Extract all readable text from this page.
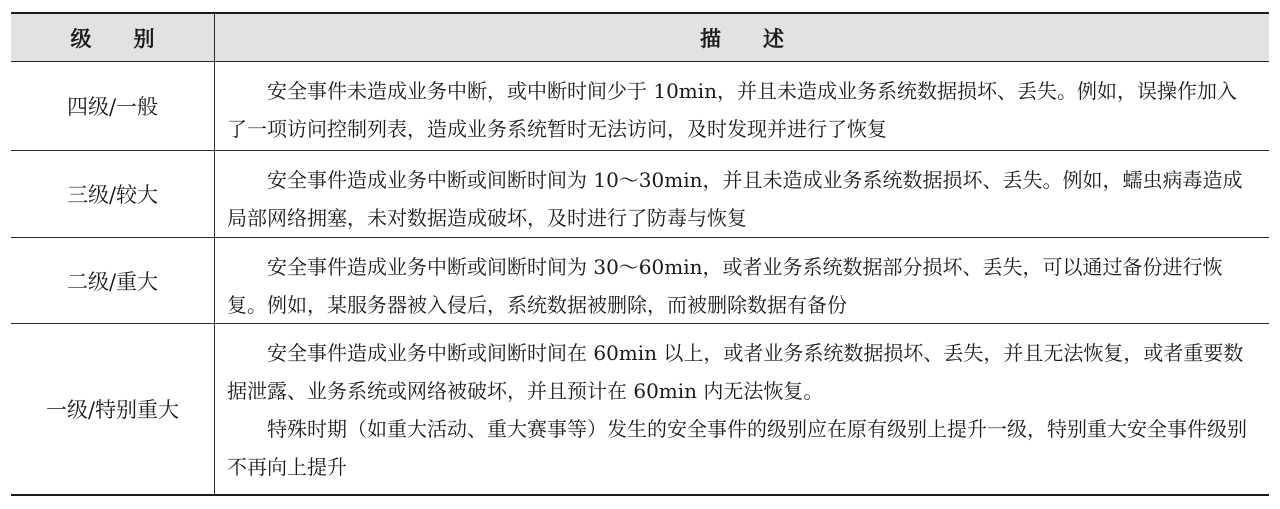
级　　别	描　　述
四级/一般

安全事件未造成业务中断，或中断时间少于 10min，并且未造成业务系统数据损坏、丢失。例如，误操作加入了一项访问控制列表，造成业务系统暂时无法访问，及时发现并进行了恢复

三级/较大

安全事件造成业务中断或间断时间为 10～30min，并且未造成业务系统数据损坏、丢失。例如，蠕虫病毒造成局部网络拥塞，未对数据造成破坏，及时进行了防毒与恢复

二级/重大

安全事件造成业务中断或间断时间为 30～60min，或者业务系统数据部分损坏、丢失，可以通过备份进行恢复。例如，某服务器被入侵后，系统数据被删除，而被删除数据有备份

一级/特别重大

安全事件造成业务中断或间断时间在 60min 以上，或者业务系统数据损坏、丢失，并且无法恢复，或者重要数据泄露、业务系统或网络被破坏，并且预计在 60min 内无法恢复。

特殊时期（如重大活动、重大赛事等）发生的安全事件的级别应在原有级别上提升一级，特别重大安全事件级别不再向上提升
